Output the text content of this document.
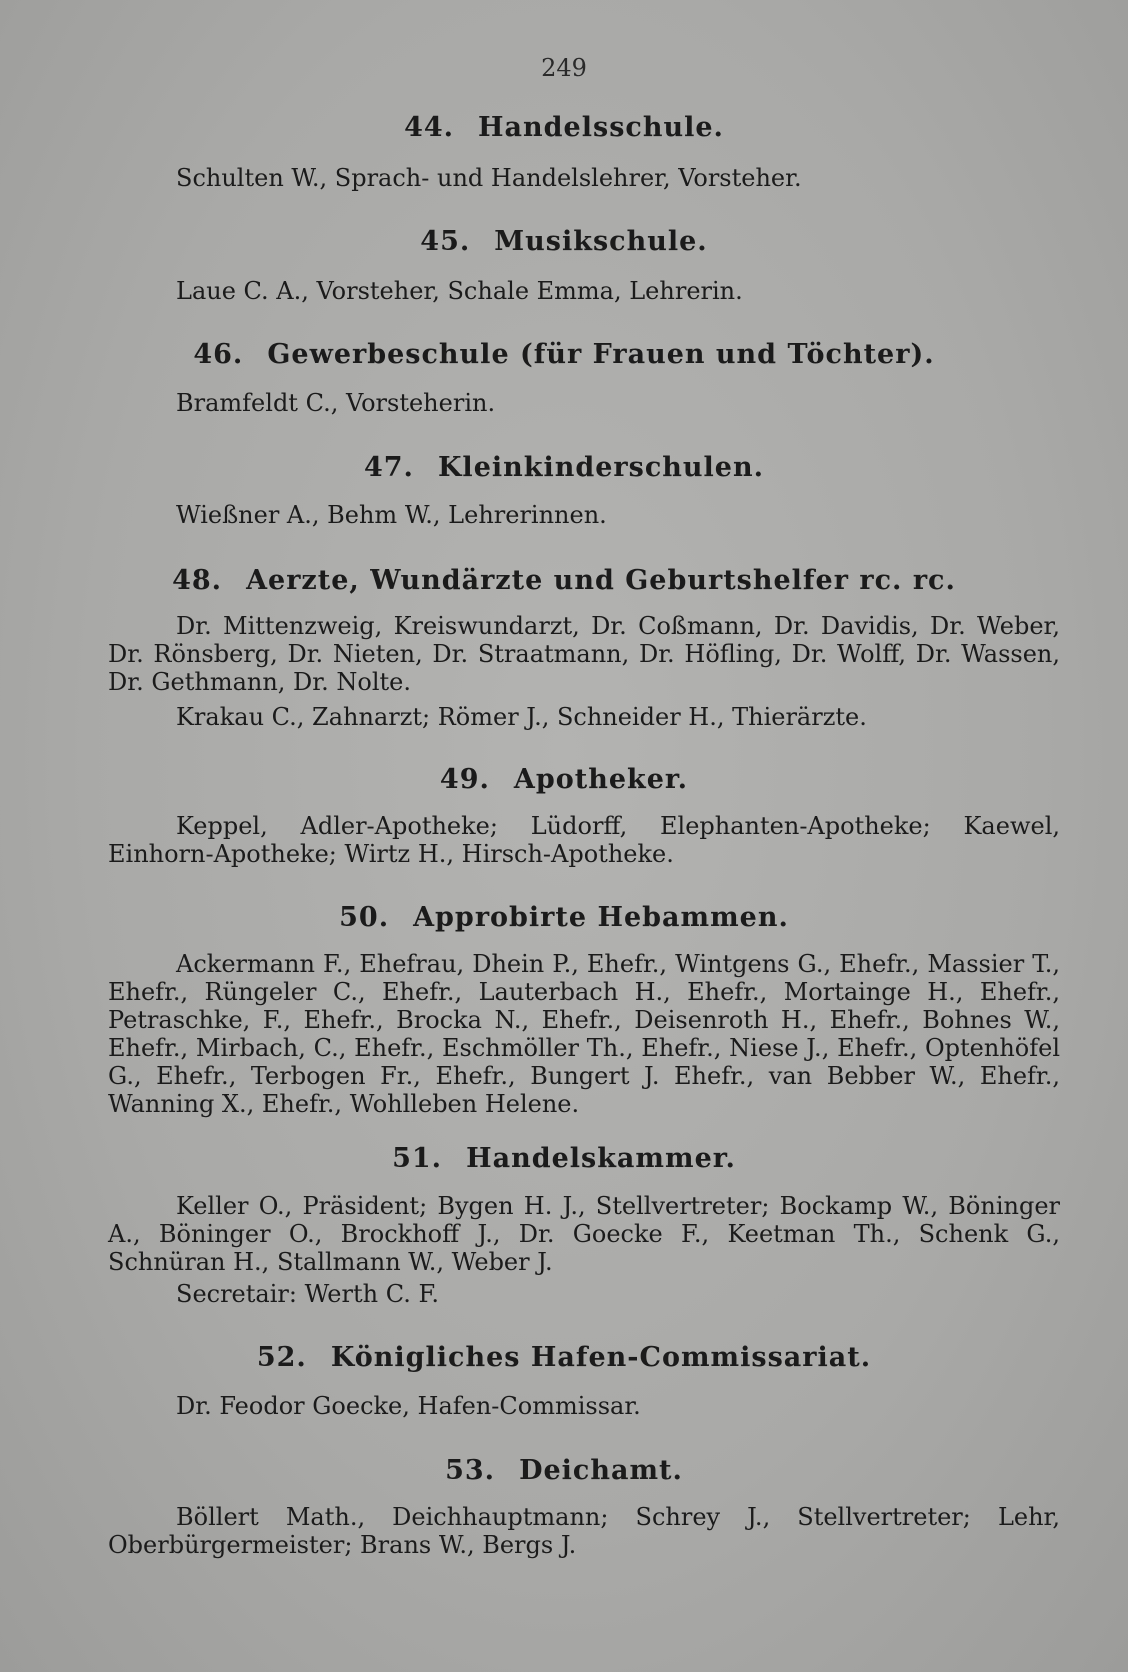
249
44. Handelsschule.
Schulten W., Sprach- und Handelslehrer, Vorsteher.
45. Musikschule.
Laue C. A., Vorsteher, Schale Emma, Lehrerin.
46. Gewerbeschule (für Frauen und Töchter).
Bramfeldt C., Vorsteherin.
47. Kleinkinderschulen.
Wießner A., Behm W., Lehrerinnen.
48. Aerzte, Wundärzte und Geburtshelfer rc. rc.
Dr. Mittenzweig, Kreiswundarzt, Dr. Coßmann, Dr. Davidis, Dr. Weber, Dr. Rönsberg, Dr. Nieten, Dr. Straatmann, Dr. Höfling, Dr. Wolff, Dr. Wassen, Dr. Gethmann, Dr. Nolte.
Krakau C., Zahnarzt; Römer J., Schneider H., Thierärzte.
49. Apotheker.
Keppel, Adler-Apotheke; Lüdorff, Elephanten-Apotheke; Kaewel, Einhorn-Apotheke; Wirtz H., Hirsch-Apotheke.
50. Approbirte Hebammen.
Ackermann F., Ehefrau, Dhein P., Ehefr., Wintgens G., Ehefr., Massier T., Ehefr., Rüngeler C., Ehefr., Lauterbach H., Ehefr., Mortainge H., Ehefr., Petraschke, F., Ehefr., Brocka N., Ehefr., Deisenroth H., Ehefr., Bohnes W., Ehefr., Mirbach, C., Ehefr., Eschmöller Th., Ehefr., Niese J., Ehefr., Optenhöfel G., Ehefr., Terbogen Fr., Ehefr., Bungert J. Ehefr., van Bebber W., Ehefr., Wanning X., Ehefr., Wohlleben Helene.
51. Handelskammer.
Keller O., Präsident; Bygen H. J., Stellvertreter; Bockamp W., Böninger A., Böninger O., Brockhoff J., Dr. Goecke F., Keetman Th., Schenk G., Schnüran H., Stallmann W., Weber J.
Secretair: Werth C. F.
52. Königliches Hafen-Commissariat.
Dr. Feodor Goecke, Hafen-Commissar.
53. Deichamt.
Böllert Math., Deichhauptmann; Schrey J., Stellvertreter; Lehr, Oberbürgermeister; Brans W., Bergs J.
